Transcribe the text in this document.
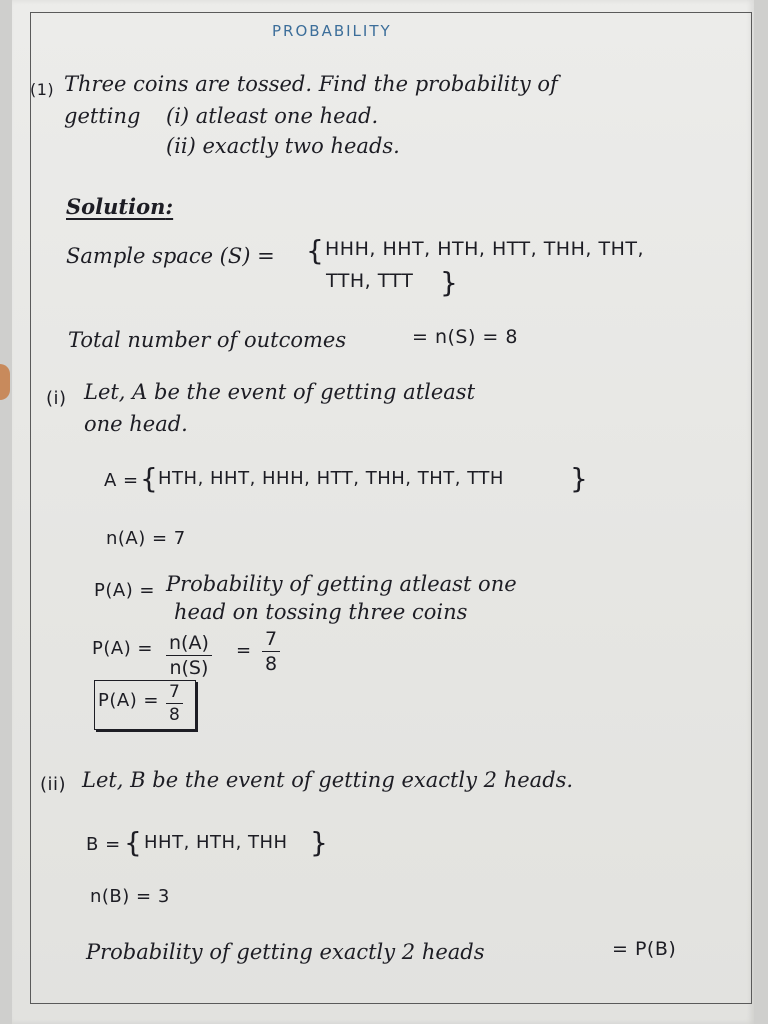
PROBABILITY
(1) Three coins are tossed. Find the probability of
getting (i) atleast one head.
(ii) exactly two heads.
Solution:
Sample space (S) = { HHH, HHT, HTH, HTT, THH, THT,
TTH, TTT }
Total number of outcomes	= n(S) = 8
(i) Let, A be the event of getting atleast
one head.
A = { HTH, HHT, HHH, HTT, THH, THT, TTH }
n(A) = 7
P(A) = Probability of getting atleast one
head on tossing three coins
$P(A) = \frac{n(A)}{n(S)} = \frac{7}{8}$
$P(A) = \frac{7}{8}$
(ii) Let, B be the event of getting exactly 2 heads.
B = { HHT, HTH, THH }
n(B) = 3
Probability of getting exactly 2 heads	= P(B)
